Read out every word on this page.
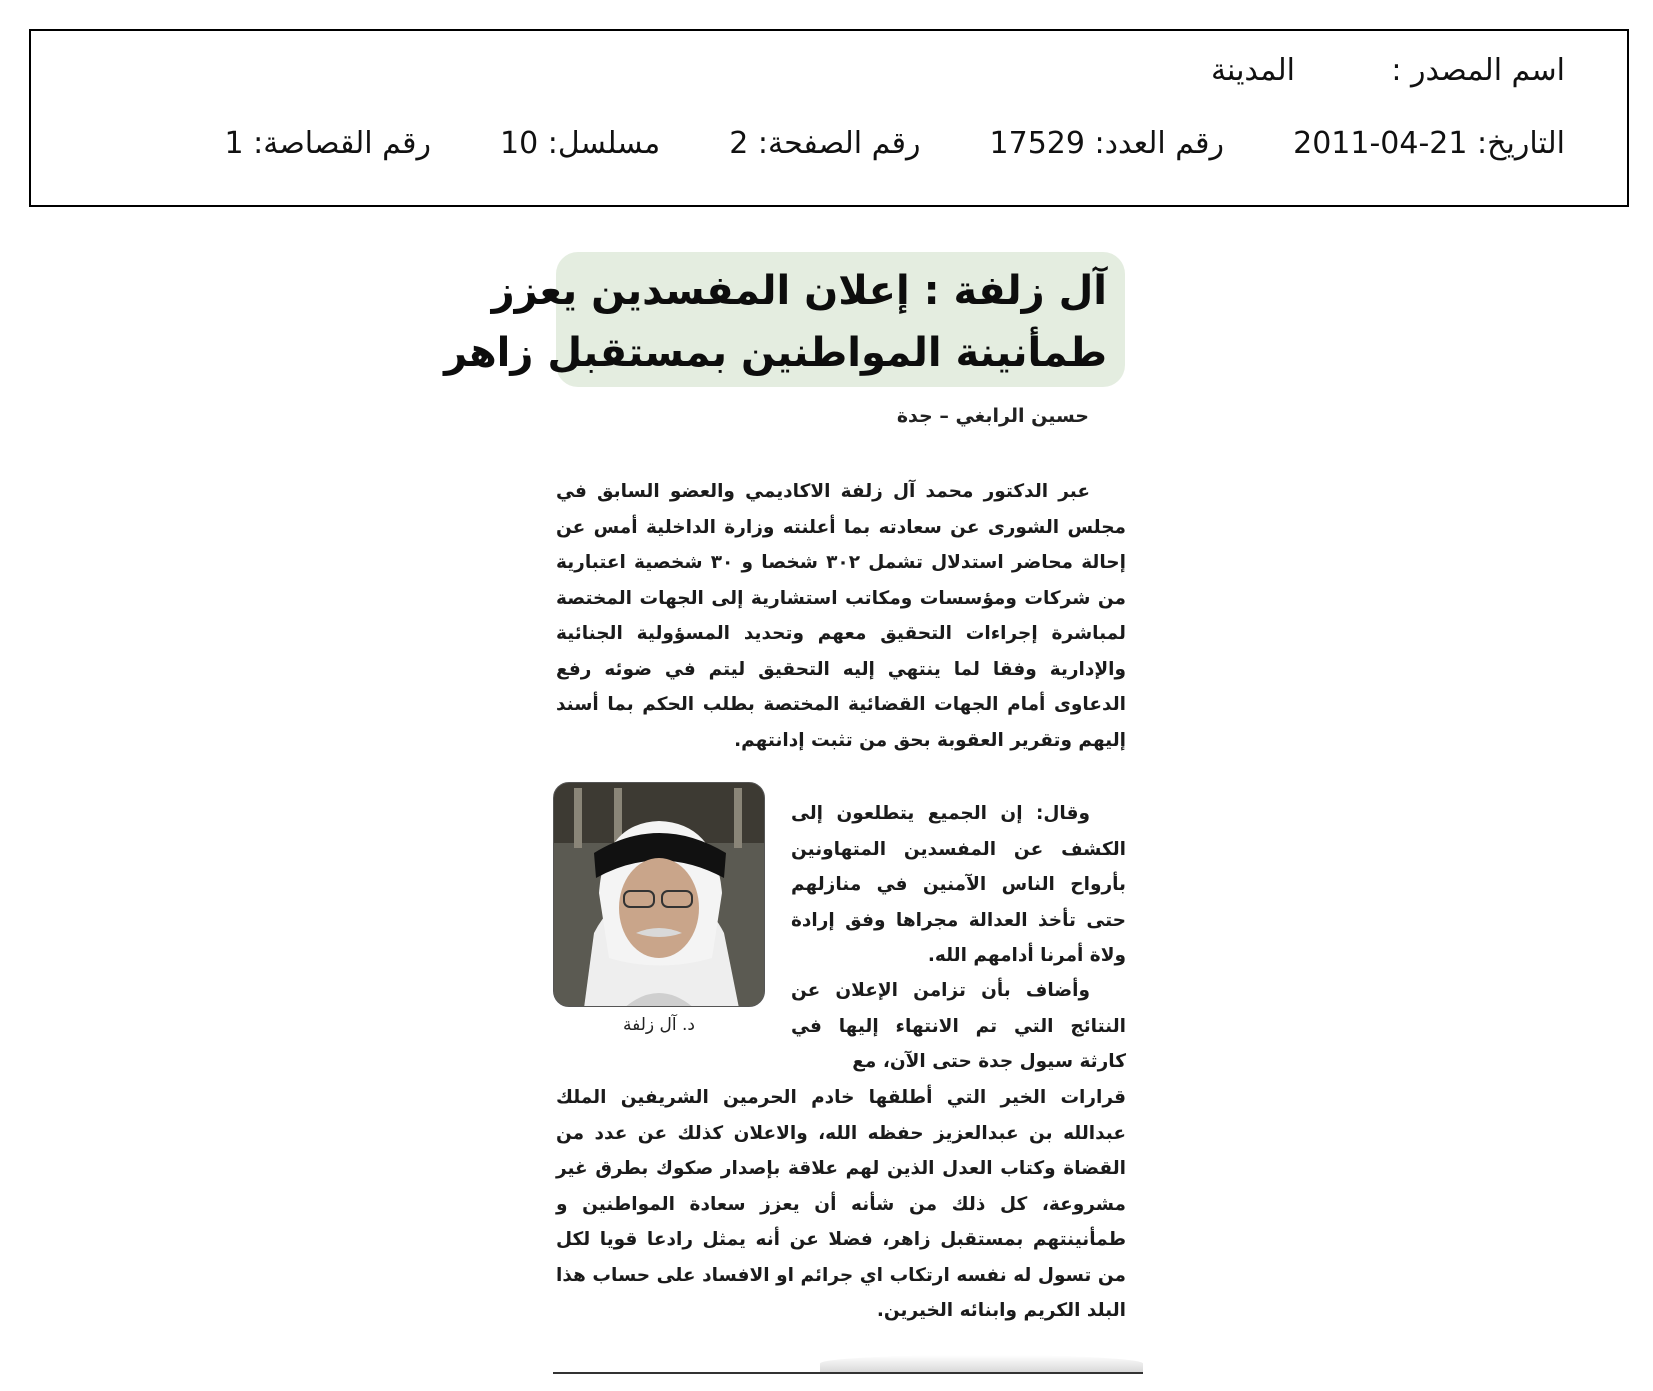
اسم المصدر :المدينة
التاريخ: 2011-04-21  رقم العدد: 17529  رقم الصفحة: 2  مسلسل: 10  رقم القصاصة: 1
آل زلفة : إعلان المفسدين يعزز
طمأنينة المواطنين بمستقبل زاهر
حسين الرابغي – جدة

عبر الدكتور محمد آل زلفة الاكاديمي والعضو السابق في مجلس الشورى عن سعادته بما أعلنته وزارة الداخلية أمس عن إحالة محاضر استدلال تشمل ٣٠٢ شخصا و ٣٠ شخصية اعتبارية من شركات ومؤسسات ومكاتب استشارية إلى الجهات المختصة لمباشرة إجراءات التحقيق معهم وتحديد المسؤولية الجنائية والإدارية وفقا لما ينتهي إليه التحقيق ليتم في ضوئه رفع الدعاوى أمام الجهات القضائية المختصة بطلب الحكم بما أسند إليهم وتقرير العقوبة بحق من تثبت إدانتهم.

د. آل زلفة

وقال: إن الجميع يتطلعون إلى الكشف عن المفسدين المتهاونين بأرواح الناس الآمنين في منازلهم حتى تأخذ العدالة مجراها وفق إرادة ولاة أمرنا أدامهم الله.

وأضاف بأن تزامن الإعلان عن النتائج التي تم الانتهاء إليها في كارثة سيول جدة حتى الآن، مع

قرارات الخير التي أطلقها خادم الحرمين الشريفين الملك عبدالله بن عبدالعزيز حفظه الله، والاعلان كذلك عن عدد من القضاة وكتاب العدل الذين لهم علاقة بإصدار صكوك بطرق غير مشروعة، كل ذلك من شأنه أن يعزز سعادة المواطنين و طمأنينتهم بمستقبل زاهر، فضلا عن أنه يمثل رادعا قويا لكل من تسول له نفسه ارتكاب اي جرائم او الافساد على حساب هذا البلد الكريم وابنائه الخيرين.
